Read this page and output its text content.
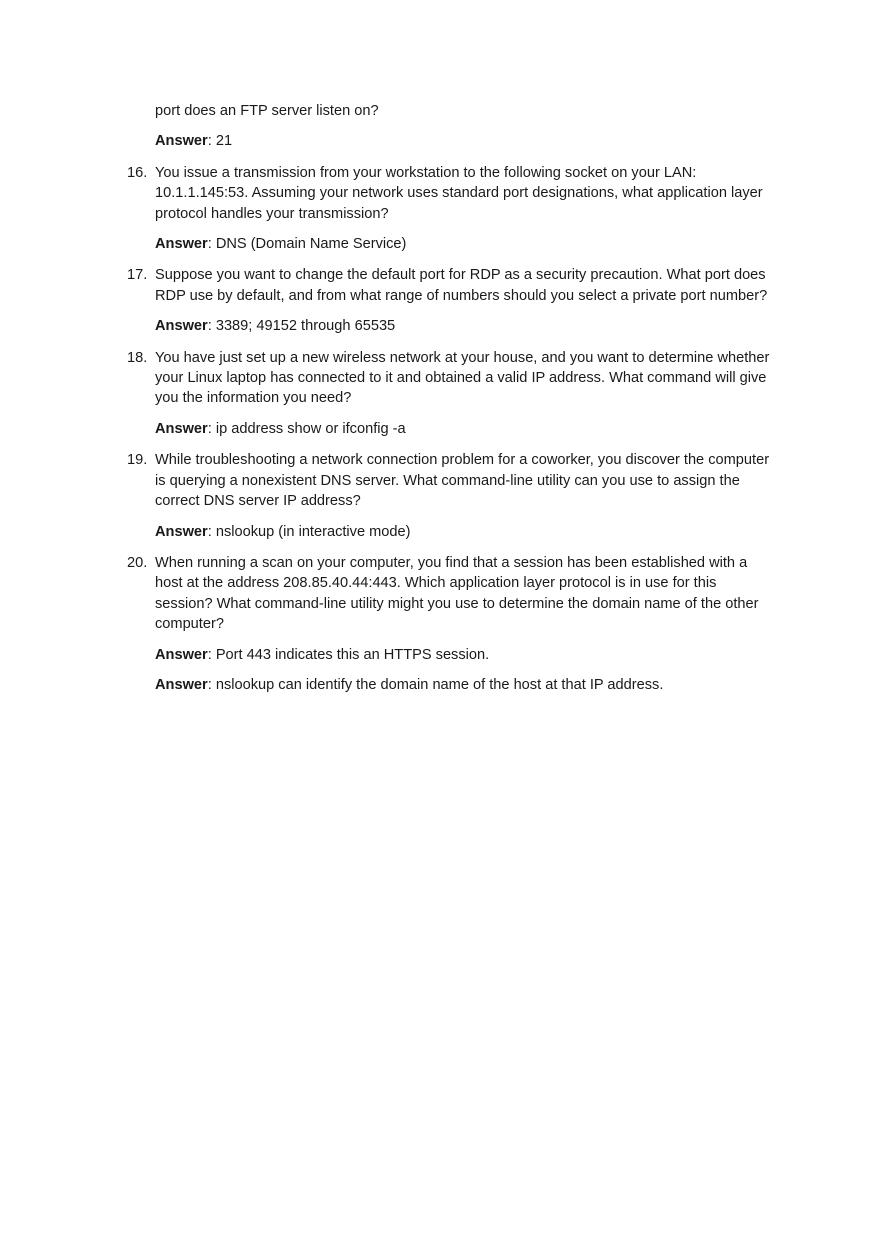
port does an FTP server listen on?

Answer: 21

16. You issue a transmission from your workstation to the following socket on your LAN: 10.1.1.145:53. Assuming your network uses standard port designations, what application layer protocol handles your transmission?

Answer: DNS (Domain Name Service)

17. Suppose you want to change the default port for RDP as a security precaution. What port does RDP use by default, and from what range of numbers should you select a private port number?

Answer: 3389; 49152 through 65535

18. You have just set up a new wireless network at your house, and you want to determine whether your Linux laptop has connected to it and obtained a valid IP address. What command will give you the information you need?

Answer: ip address show or ifconfig -a

19. While troubleshooting a network connection problem for a coworker, you discover the computer is querying a nonexistent DNS server. What command-line utility can you use to assign the correct DNS server IP address?

Answer: nslookup (in interactive mode)

20. When running a scan on your computer, you find that a session has been established with a host at the address 208.85.40.44:443. Which application layer protocol is in use for this session? What command-line utility might you use to determine the domain name of the other computer?

Answer: Port 443 indicates this an HTTPS session.

Answer: nslookup can identify the domain name of the host at that IP address.
